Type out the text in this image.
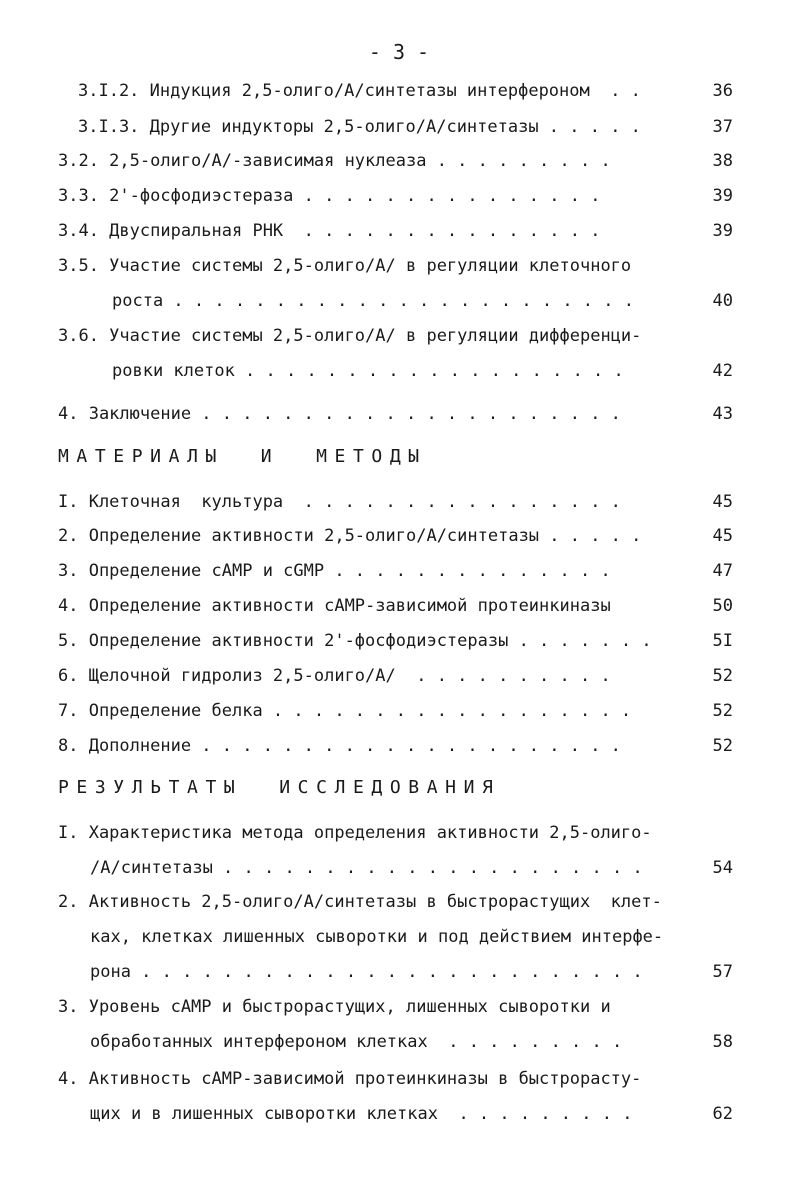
- 3 -
3.I.2. Индукция 2,5-олиго/A/синтетазы интерфероном  . .	36
3.I.3. Другие индукторы 2,5-олиго/A/синтетазы . . . . .	37
3.2. 2,5-олиго/A/-зависимая нуклеаза . . . . . . . . .	38
3.3. 2'-фосфодиэстераза . . . . . . . . . . . . . . .	39
3.4. Двуспиральная РНК  . . . . . . . . . . . . . . .	39
3.5. Участие системы 2,5-олиго/A/ в регуляции клеточного
роста . . . . . . . . . . . . . . . . . . . . . . .	40
3.6. Участие системы 2,5-олиго/A/ в регуляции дифференци-
ровки клеток . . . . . . . . . . . . . . . . . . .	42
4. Заключение . . . . . . . . . . . . . . . . . . . . .	43
МАТЕРИАЛЫ  И  МЕТОДЫ
I. Клеточная  культура  . . . . . . . . . . . . . . . .	45
2. Определение активности 2,5-олиго/A/синтетазы . . . . .	45
3. Определение cAMP и cGMP . . . . . . . . . . . . . .	47
4. Определение активности cAMP-зависимой протеинкиназы	50
5. Определение активности 2'-фосфодиэстеразы . . . . . . .	5I
6. Щелочной гидролиз 2,5-олиго/A/  . . . . . . . . . .	52
7. Определение белка . . . . . . . . . . . . . . . . . .	52
8. Дополнение . . . . . . . . . . . . . . . . . . . . .	52
РЕЗУЛЬТАТЫ  ИССЛЕДОВАНИЯ
I. Характеристика метода определения активности 2,5-олиго-
/A/синтетазы . . . . . . . . . . . . . . . . . . . . .	54
2. Активность 2,5-олиго/A/синтетазы в быстрорастущих  клет-
ках, клетках лишенных сыворотки и под действием интерфе-
рона . . . . . . . . . . . . . . . . . . . . . . . . .	57
3. Уровень cAMP и быстрорастущих, лишенных сыворотки и
обработанных интерфероном клетках  . . . . . . . . .	58
4. Активность cAMP-зависимой протеинкиназы в быстрорасту-
щих и в лишенных сыворотки клетках  . . . . . . . . .	62
